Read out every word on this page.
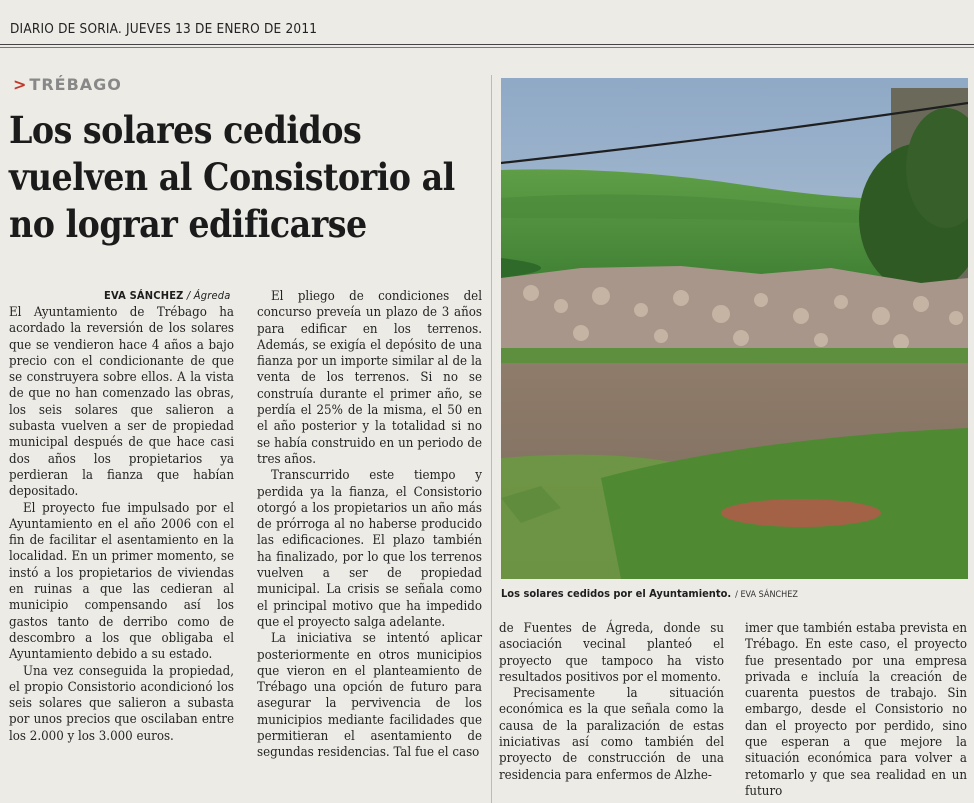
DIARIO DE SORIA. JUEVES 13 DE ENERO DE 2011
> TRÉBAGO
Los solares cedidos vuelven al Consistorio al no lograr edificarse
EVA SÁNCHEZ / Ágreda

El Ayuntamiento de Trébago ha acordado la reversión de los solares que se vendieron hace 4 años a bajo precio con el condicionante de que se construyera sobre ellos. A la vista de que no han comenzado las obras, los seis solares que salieron a subasta vuelven a ser de propiedad municipal después de que hace casi dos años los propietarios ya perdieran la fianza que habían depositado.

El proyecto fue impulsado por el Ayuntamiento en el año 2006 con el fin de facilitar el asentamiento en la localidad. En un primer momento, se instó a los propietarios de viviendas en ruinas a que las cedieran al municipio compensando así los gastos tanto de derribo como de descombro a los que obligaba el Ayuntamiento debido a su estado.

Una vez conseguida la propiedad, el propio Consistorio acondicionó los seis solares que salieron a subasta por unos precios que oscilaban entre los 2.000 y los 3.000 euros.

El pliego de condiciones del concurso preveía un plazo de 3 años para edificar en los terrenos. Además, se exigía el depósito de una fianza por un importe similar al de la venta de los terrenos. Si no se construía durante el primer año, se perdía el 25% de la misma, el 50 en el año posterior y la totalidad si no se había construido en un periodo de tres años.

Transcurrido este tiempo y perdida ya la fianza, el Consistorio otorgó a los propietarios un año más de prórroga al no haberse producido las edificaciones. El plazo también ha finalizado, por lo que los terrenos vuelven a ser de propiedad municipal. La crisis se señala como el principal motivo que ha impedido que el proyecto salga adelante.

La iniciativa se intentó aplicar posteriormente en otros municipios que vieron en el planteamiento de Trébago una opción de futuro para asegurar la pervivencia de los municipios mediante facilidades que permitieran el asentamiento de segundas residencias. Tal fue el caso

Los solares cedidos por el Ayuntamiento. / EVA SÁNCHEZ

de Fuentes de Ágreda, donde su asociación vecinal planteó el proyecto que tampoco ha visto resultados positivos por el momento.

Precisamente la situación económica es la que señala como la causa de la paralización de estas iniciativas así como también del proyecto de construcción de una residencia para enfermos de Alzhe-

imer que también estaba prevista en Trébago. En este caso, el proyecto fue presentado por una empresa privada e incluía la creación de cuarenta puestos de trabajo. Sin embargo, desde el Consistorio no dan el proyecto por perdido, sino que esperan a que mejore la situación económica para volver a retomarlo y que sea realidad en un futuro
